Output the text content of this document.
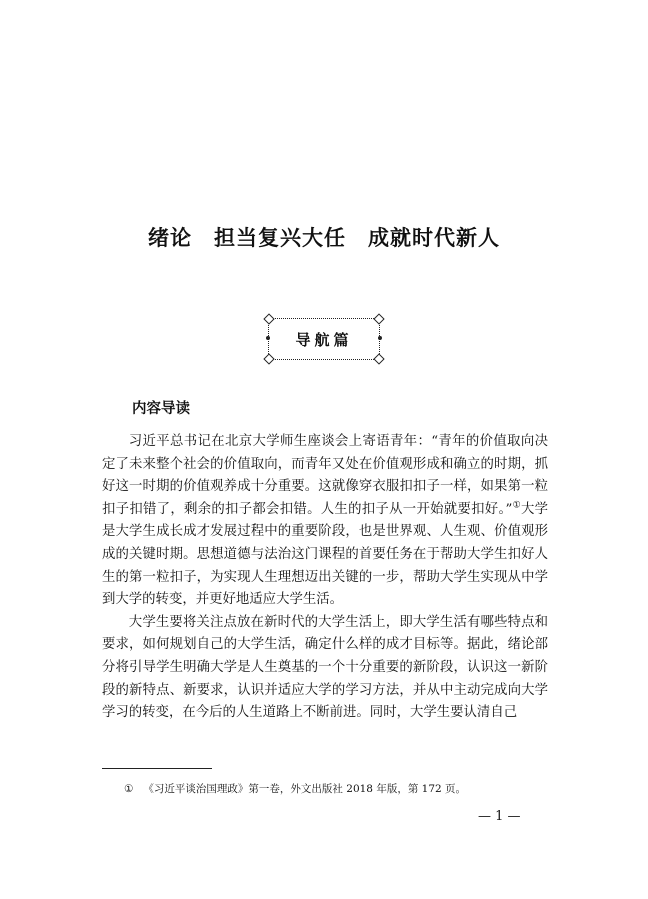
绪论　担当复兴大任　成就时代新人
导航篇
内容导读

习近平总书记在北京大学师生座谈会上寄语青年：“青年的价值取向决定了未来整个社会的价值取向，而青年又处在价值观形成和确立的时期，抓好这一时期的价值观养成十分重要。这就像穿衣服扣扣子一样，如果第一粒扣子扣错了，剩余的扣子都会扣错。人生的扣子从一开始就要扣好。”①大学是大学生成长成才发展过程中的重要阶段，也是世界观、人生观、价值观形成的关键时期。思想道德与法治这门课程的首要任务在于帮助大学生扣好人生的第一粒扣子，为实现人生理想迈出关键的一步，帮助大学生实现从中学到大学的转变，并更好地适应大学生活。

大学生要将关注点放在新时代的大学生活上，即大学生活有哪些特点和要求，如何规划自己的大学生活，确定什么样的成才目标等。据此，绪论部分将引导学生明确大学是人生奠基的一个十分重要的新阶段，认识这一新阶段的新特点、新要求，认识并适应大学的学习方法，并从中主动完成向大学学习的转变，在今后的人生道路上不断前进。同时，大学生要认清自己

① 《习近平谈治国理政》第一卷，外文出版社 2018 年版，第 172 页。
— 1 —
